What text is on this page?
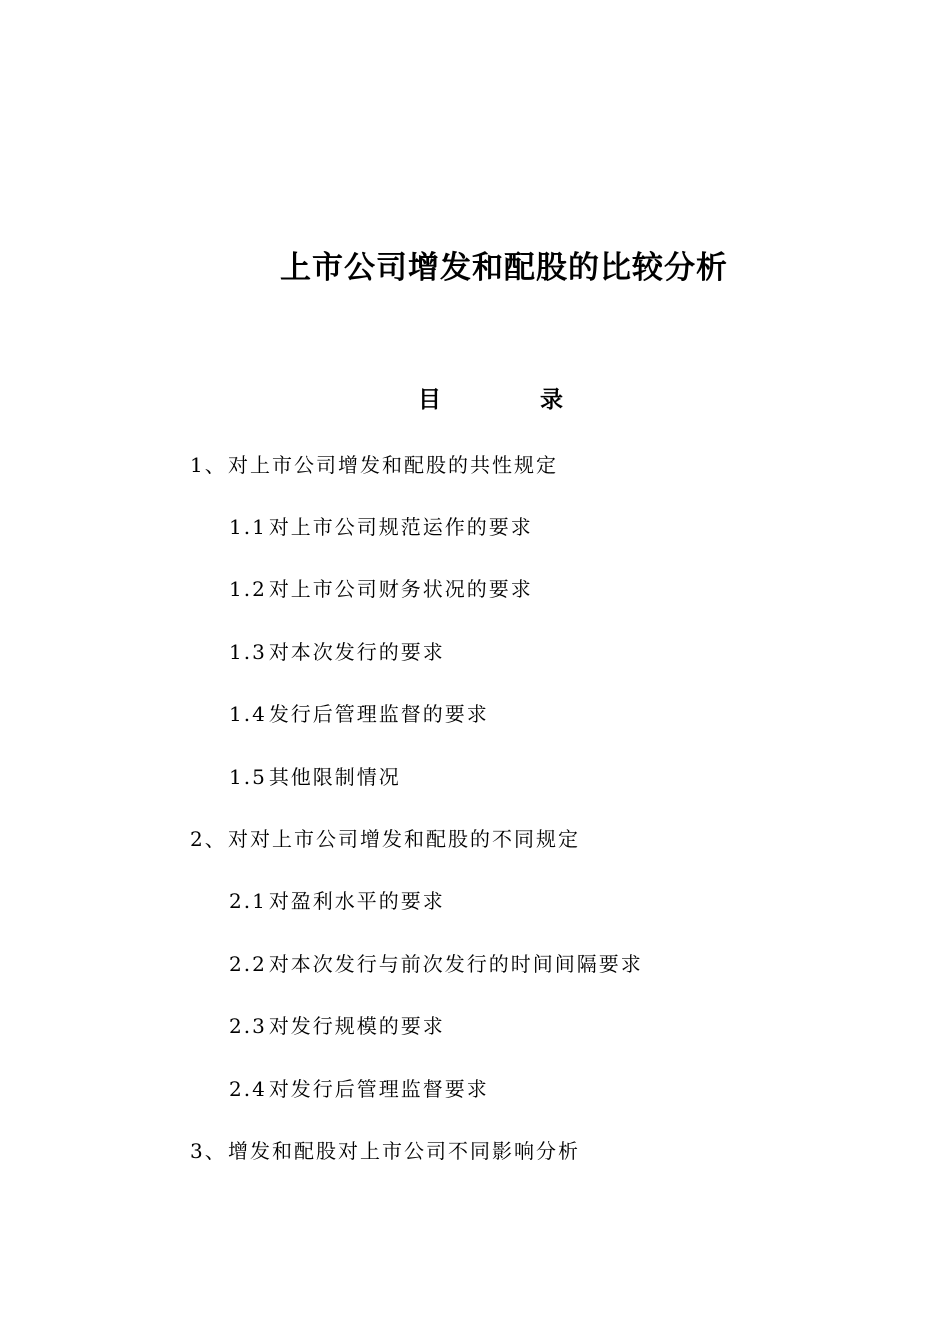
上市公司增发和配股的比较分析
目	录
1、对上市公司增发和配股的共性规定
1.1 对上市公司规范运作的要求
1.2 对上市公司财务状况的要求
1.3 对本次发行的要求
1.4 发行后管理监督的要求
1.5 其他限制情况
2、对对上市公司增发和配股的不同规定
2.1 对盈利水平的要求
2.2 对本次发行与前次发行的时间间隔要求
2.3 对发行规模的要求
2.4 对发行后管理监督要求
3、增发和配股对上市公司不同影响分析
